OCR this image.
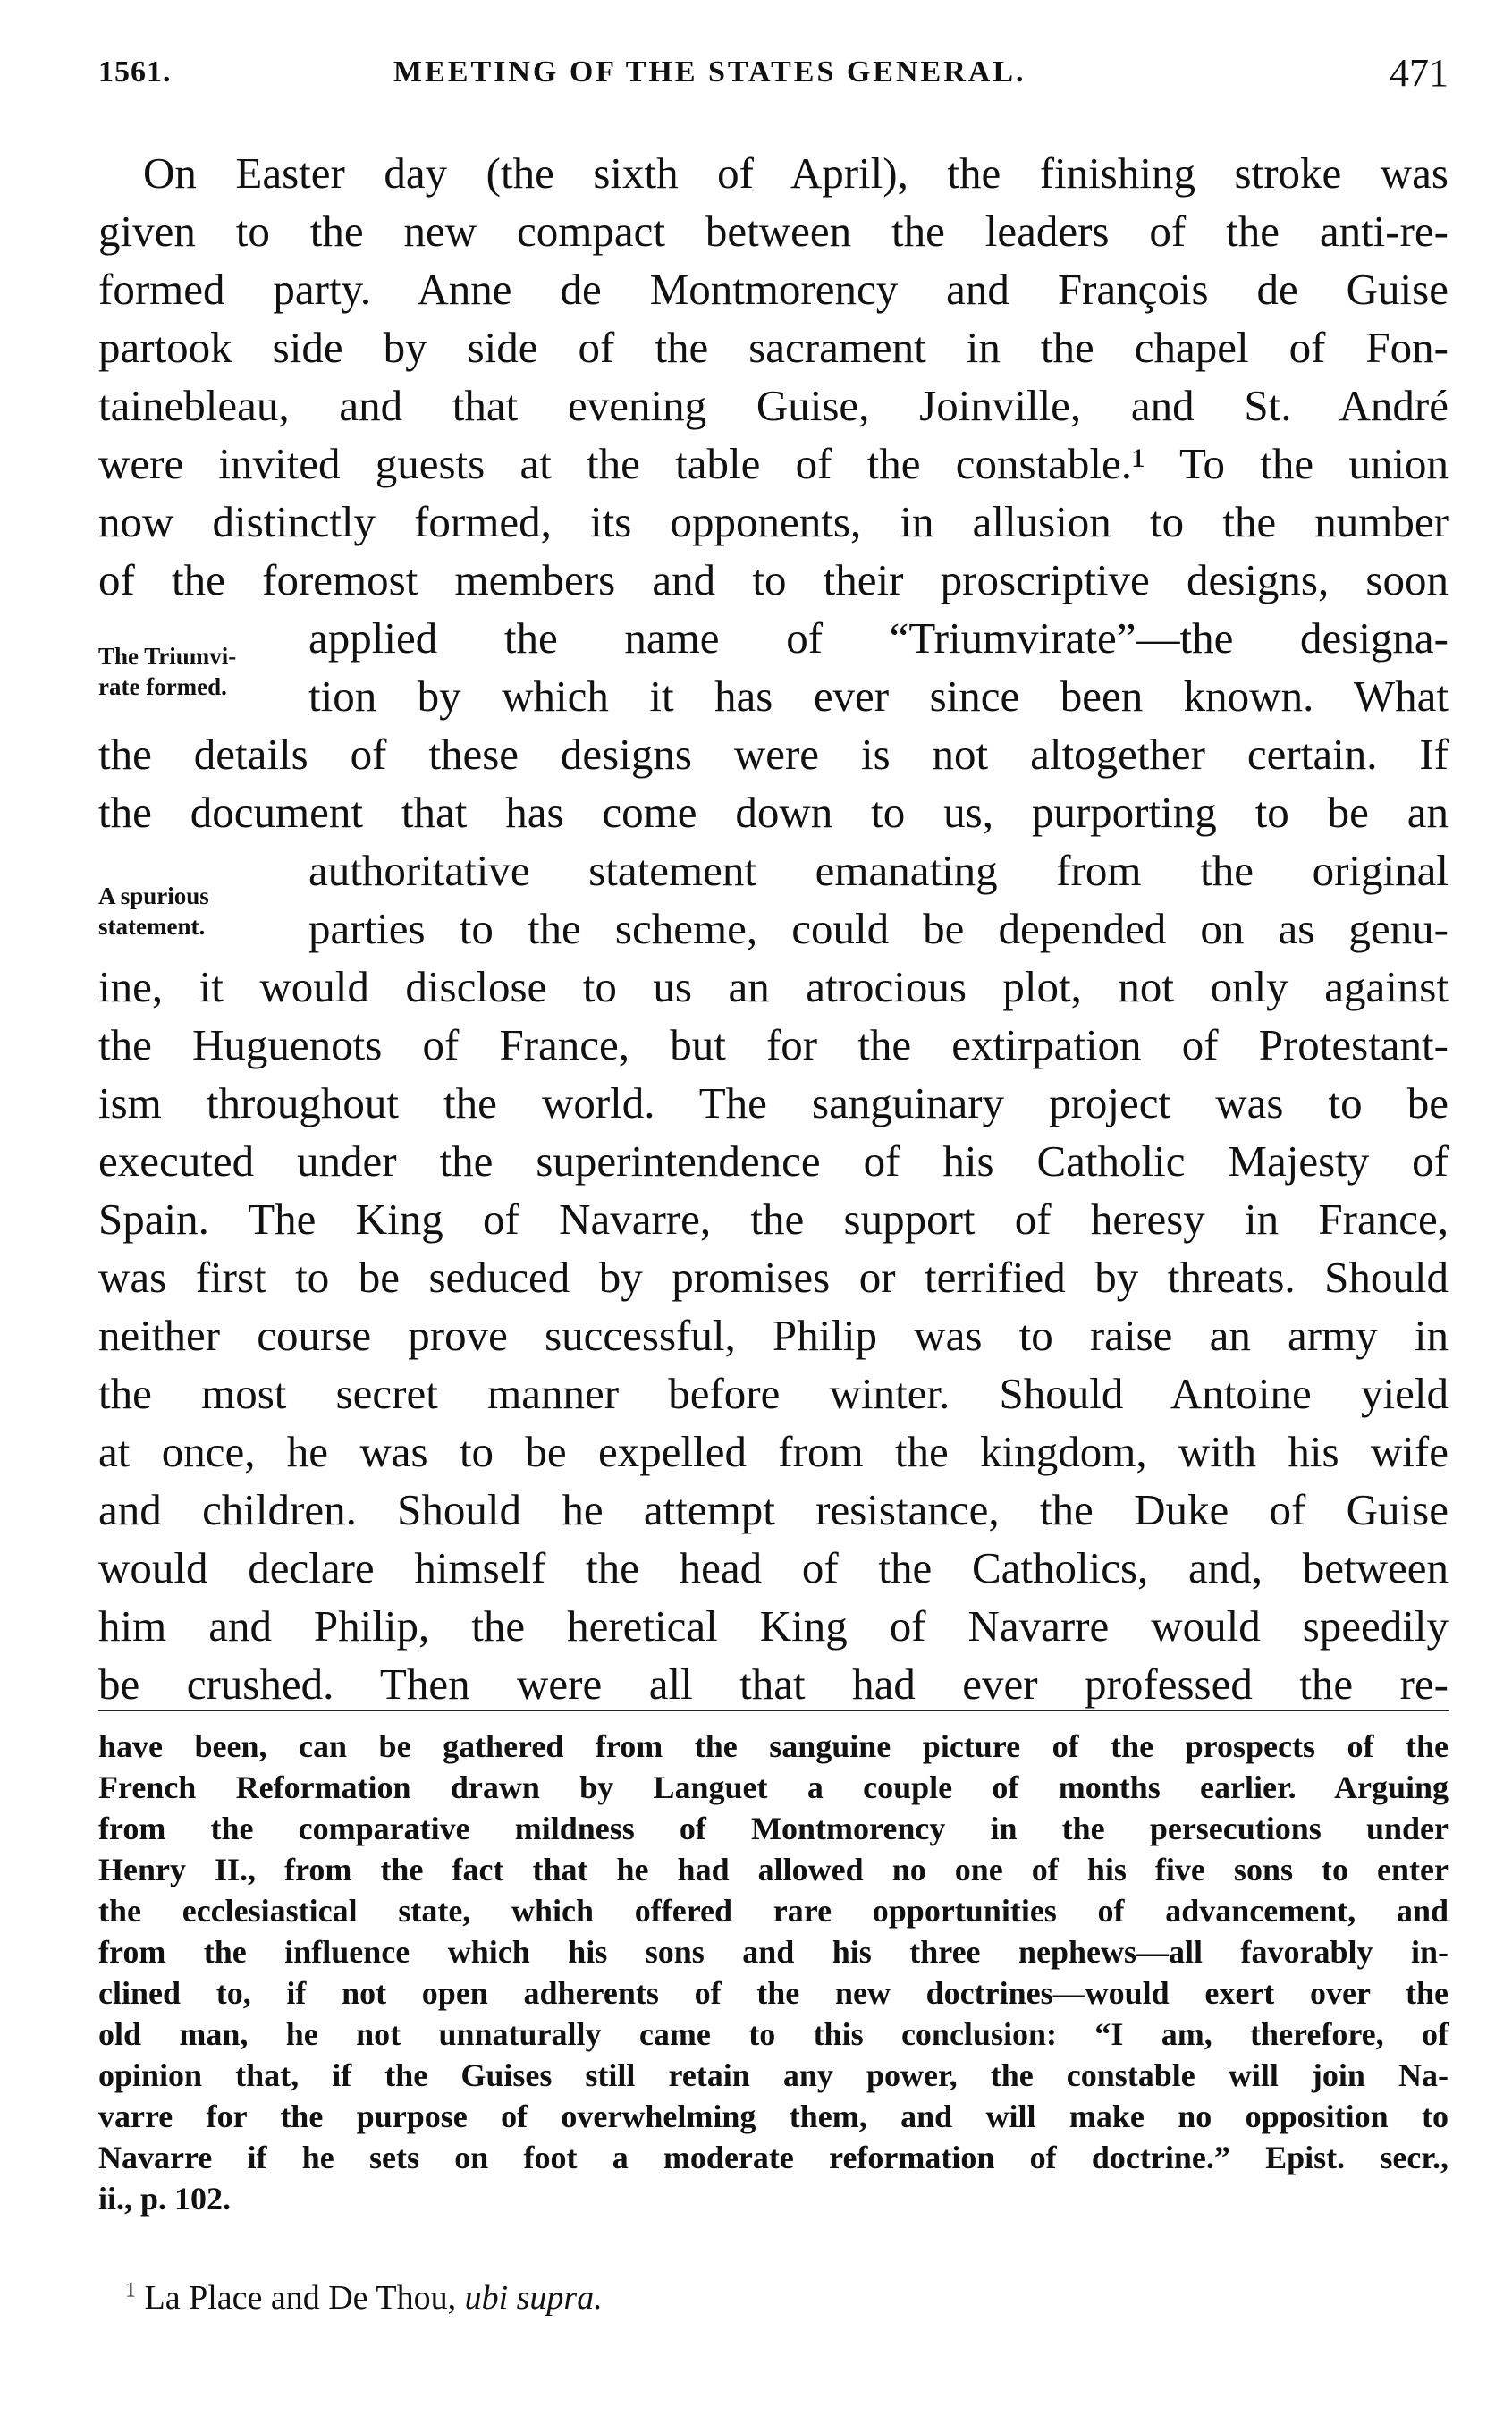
1561.	MEETING OF THE STATES GENERAL.	471
The Triumvi-
rate formed.
A spurious
statement.
On Easter day (the sixth of April), the finishing stroke was
given to the new compact between the leaders of the anti-re-
formed party. Anne de Montmorency and François de Guise
partook side by side of the sacrament in the chapel of Fon-
tainebleau, and that evening Guise, Joinville, and St. André
were invited guests at the table of the constable.¹ To the union
now distinctly formed, its opponents, in allusion to the number
of the foremost members and to their proscriptive designs, soon
applied the name of “Triumvirate”—the designa-
tion by which it has ever since been known. What
the details of these designs were is not altogether certain. If
the document that has come down to us, purporting to be an
authoritative statement emanating from the original
parties to the scheme, could be depended on as genu-
ine, it would disclose to us an atrocious plot, not only against
the Huguenots of France, but for the extirpation of Protestant-
ism throughout the world. The sanguinary project was to be
executed under the superintendence of his Catholic Majesty of
Spain. The King of Navarre, the support of heresy in France,
was first to be seduced by promises or terrified by threats. Should
neither course prove successful, Philip was to raise an army in
the most secret manner before winter. Should Antoine yield
at once, he was to be expelled from the kingdom, with his wife
and children. Should he attempt resistance, the Duke of Guise
would declare himself the head of the Catholics, and, between
him and Philip, the heretical King of Navarre would speedily
be crushed. Then were all that had ever professed the re-
have been, can be gathered from the sanguine picture of the prospects of the
French Reformation drawn by Languet a couple of months earlier. Arguing
from the comparative mildness of Montmorency in the persecutions under
Henry II., from the fact that he had allowed no one of his five sons to enter
the ecclesiastical state, which offered rare opportunities of advancement, and
from the influence which his sons and his three nephews—all favorably in-
clined to, if not open adherents of the new doctrines—would exert over the
old man, he not unnaturally came to this conclusion: “I am, therefore, of
opinion that, if the Guises still retain any power, the constable will join Na-
varre for the purpose of overwhelming them, and will make no opposition to
Navarre if he sets on foot a moderate reformation of doctrine.” Epist. secr.,
ii., p. 102.
$^1$ La Place and De Thou, ubi supra.
